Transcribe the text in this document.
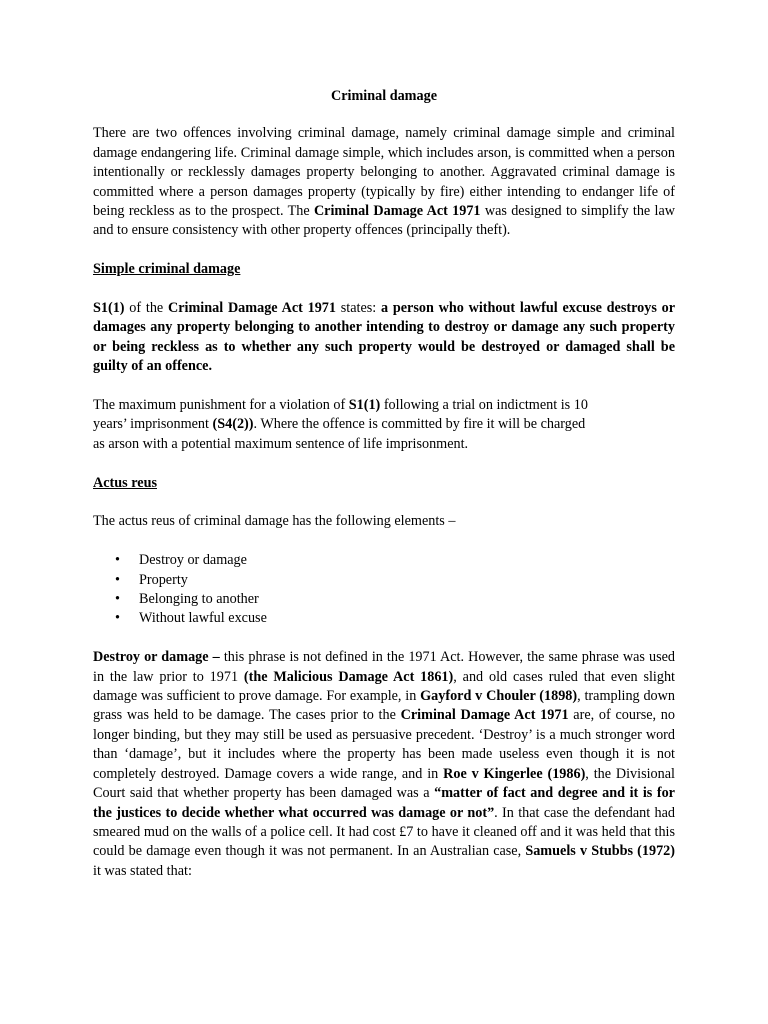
Criminal damage

There are two offences involving criminal damage, namely criminal damage simple and criminal damage endangering life. Criminal damage simple, which includes arson, is committed when a person intentionally or recklessly damages property belonging to another. Aggravated criminal damage is committed where a person damages property (typically by fire) either intending to endanger life of being reckless as to the prospect. The Criminal Damage Act 1971 was designed to simplify the law and to ensure consistency with other property offences (principally theft).

Simple criminal damage

S1(1) of the Criminal Damage Act 1971 states: a person who without lawful excuse destroys or damages any property belonging to another intending to destroy or damage any such property or being reckless as to whether any such property would be destroyed or damaged shall be guilty of an offence.

The maximum punishment for a violation of S1(1) following a trial on indictment is 10
years’ imprisonment (S4(2)). Where the offence is committed by fire it will be charged
as arson with a potential maximum sentence of life imprisonment.

Actus reus

The actus reus of criminal damage has the following elements –

• Destroy or damage
• Property
• Belonging to another
• Without lawful excuse

Destroy or damage – this phrase is not defined in the 1971 Act. However, the same phrase was used in the law prior to 1971 (the Malicious Damage Act 1861), and old cases ruled that even slight damage was sufficient to prove damage. For example, in Gayford v Chouler (1898), trampling down grass was held to be damage. The cases prior to the Criminal Damage Act 1971 are, of course, no longer binding, but they may still be used as persuasive precedent. ‘Destroy’ is a much stronger word than ‘damage’, but it includes where the property has been made useless even though it is not completely destroyed. Damage covers a wide range, and in Roe v Kingerlee (1986), the Divisional Court said that whether property has been damaged was a “matter of fact and degree and it is for the justices to decide whether what occurred was damage or not”. In that case the defendant had smeared mud on the walls of a police cell. It had cost £7 to have it cleaned off and it was held that this could be damage even though it was not permanent. In an Australian case, Samuels v Stubbs (1972) it was stated that:
